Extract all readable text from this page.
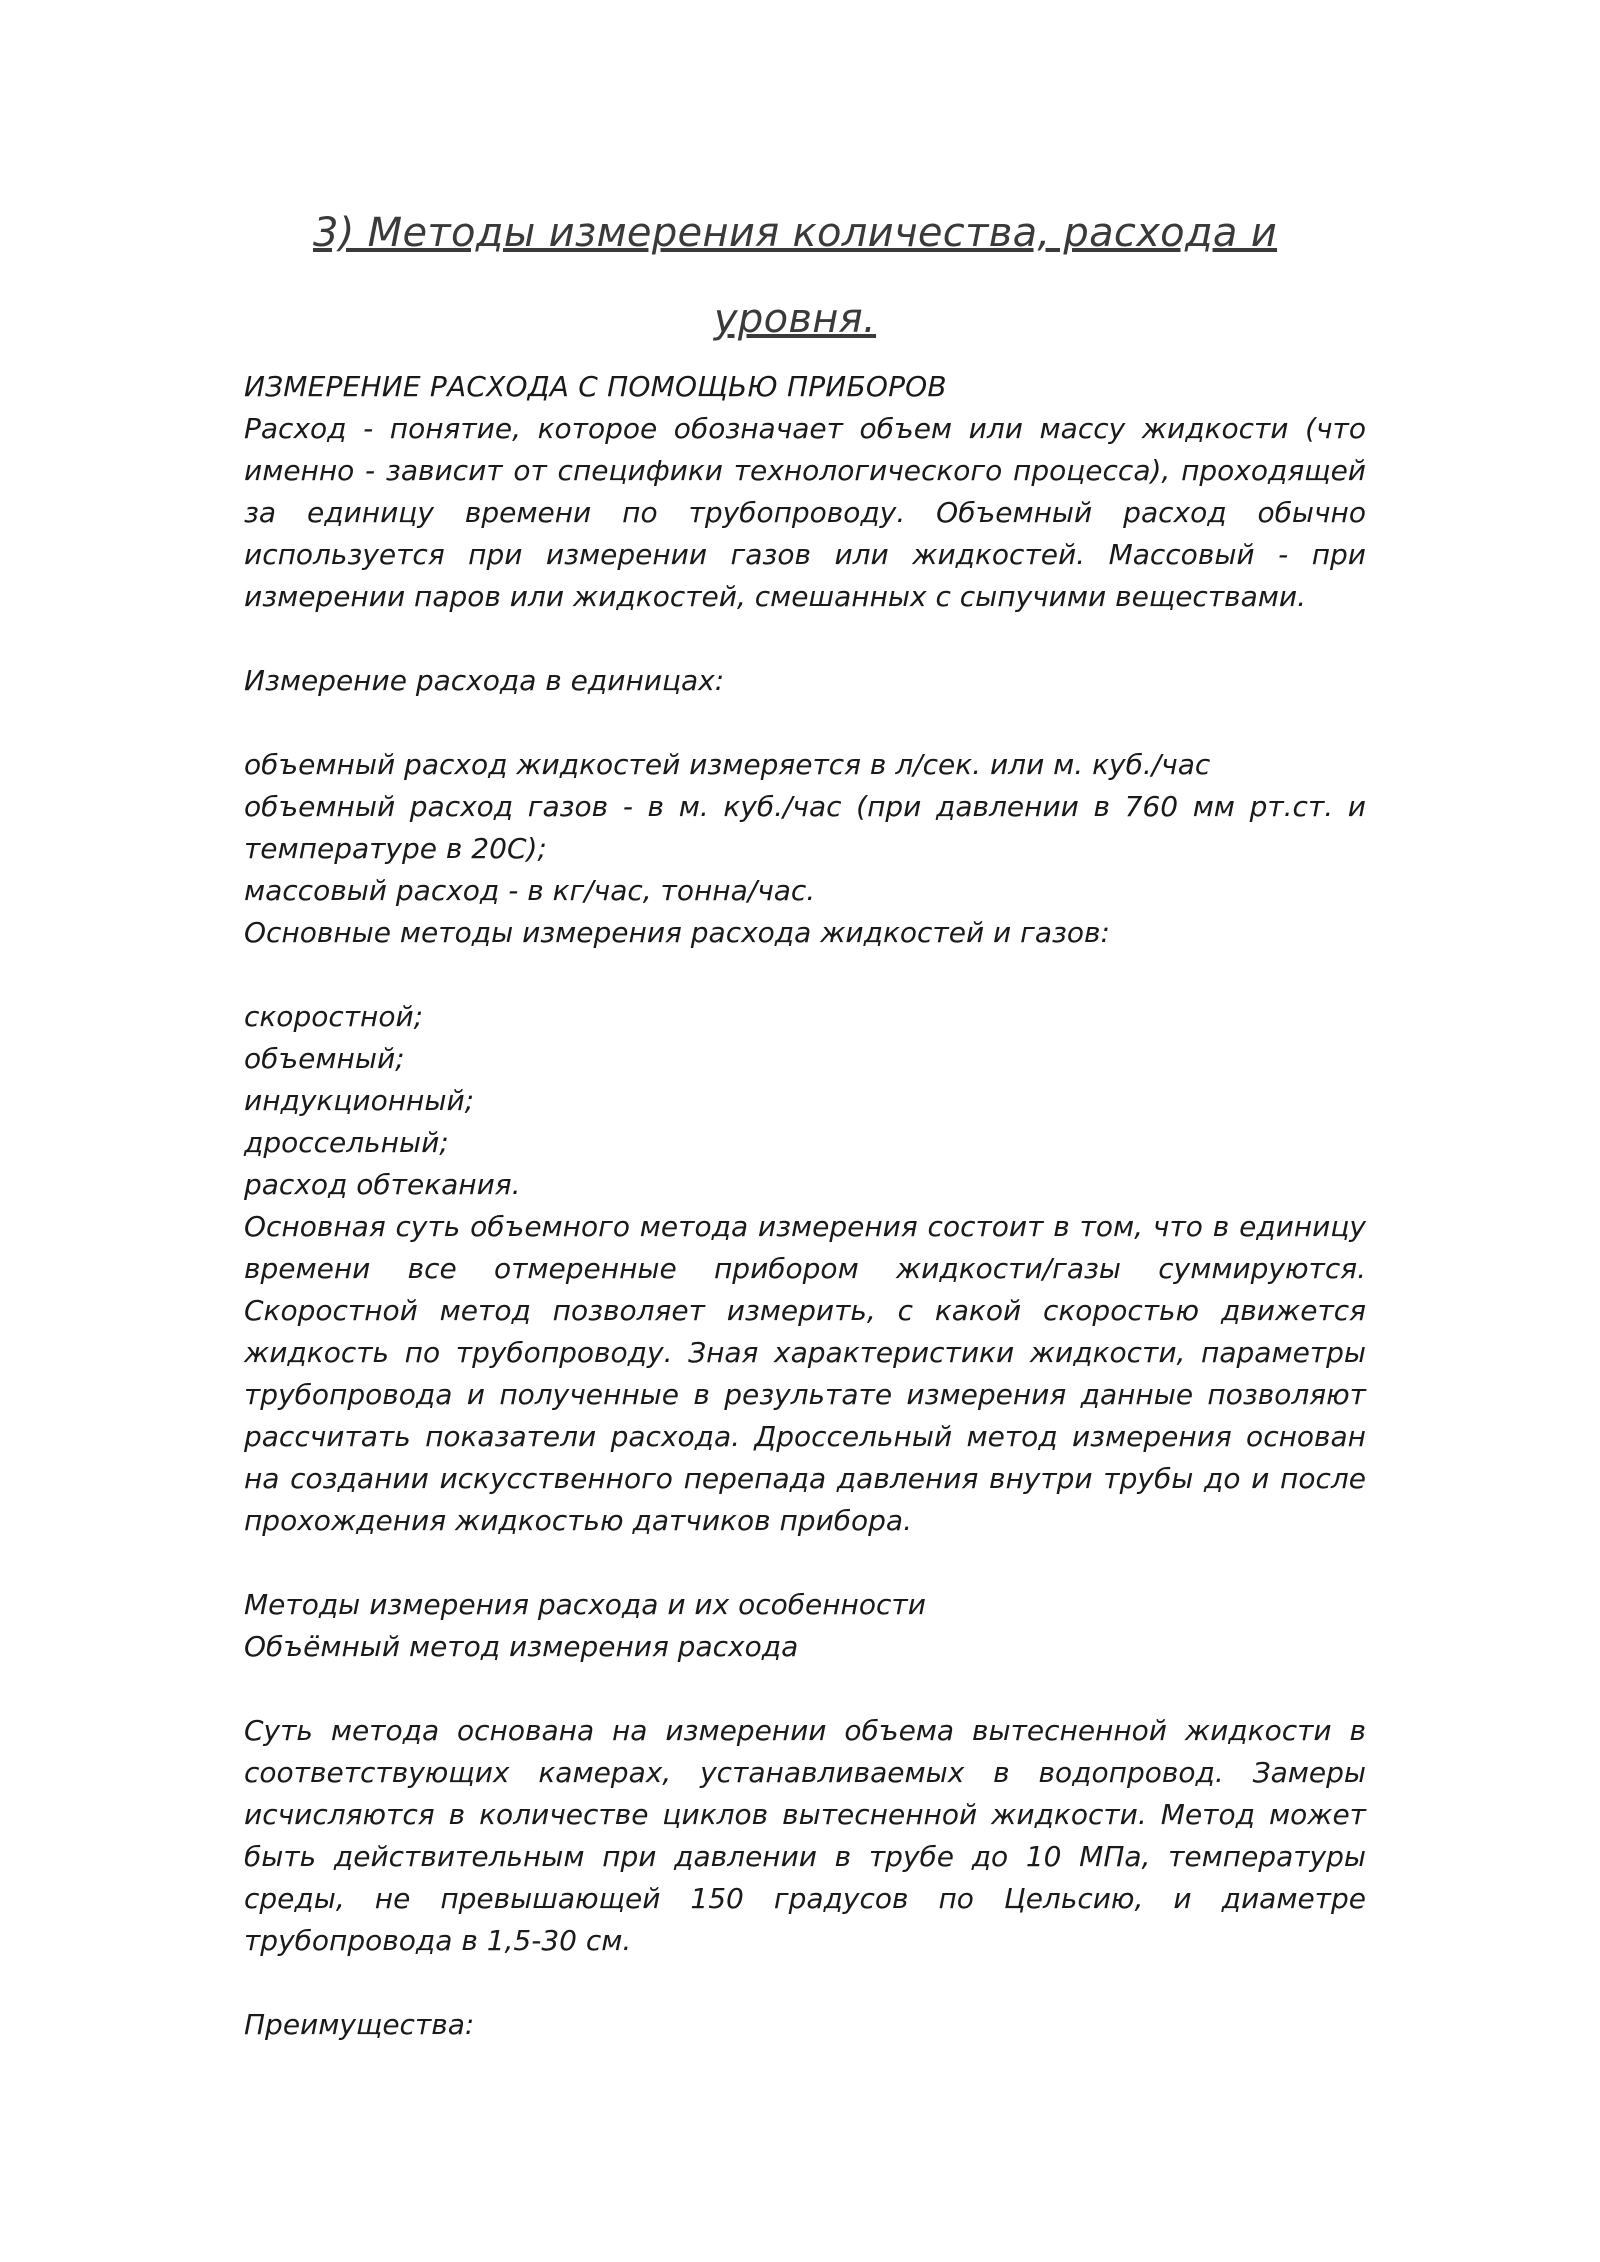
3) Методы измерения количества, расхода и
уровня.

ИЗМЕРЕНИЕ РАСХОДА С ПОМОЩЬЮ ПРИБОРОВ

Расход - понятие, которое обозначает объем или массу жидкости (что именно - зависит от специфики технологического процесса), проходящей за единицу времени по трубопроводу. Объемный расход обычно используется при измерении газов или жидкостей. Массовый - при измерении паров или жидкостей, смешанных с сыпучими веществами.

Измерение расхода в единицах:

объемный расход жидкостей измеряется в л/сек. или м. куб./час

объемный расход газов - в м. куб./час (при давлении в 760 мм рт.ст. и температуре в 20С);

массовый расход - в кг/час, тонна/час.

Основные методы измерения расхода жидкостей и газов:

скоростной;

объемный;

индукционный;

дроссельный;

расход обтекания.

Основная суть объемного метода измерения состоит в том, что в единицу времени все отмеренные прибором жидкости/газы суммируются. Скоростной метод позволяет измерить, с какой скоростью движется жидкость по трубопроводу. Зная характеристики жидкости, параметры трубопровода и полученные в результате измерения данные позволяют рассчитать показатели расхода. Дроссельный метод измерения основан на создании искусственного перепада давления внутри трубы до и после прохождения жидкостью датчиков прибора.

Методы измерения расхода и их особенности

Объёмный метод измерения расхода

Суть метода основана на измерении объема вытесненной жидкости в соответствующих камерах, устанавливаемых в водопровод. Замеры исчисляются в количестве циклов вытесненной жидкости. Метод может быть действительным при давлении в трубе до 10 МПа, температуры среды, не превышающей 150 градусов по Цельсию, и диаметре трубопровода в 1,5-30 см.

Преимущества:
